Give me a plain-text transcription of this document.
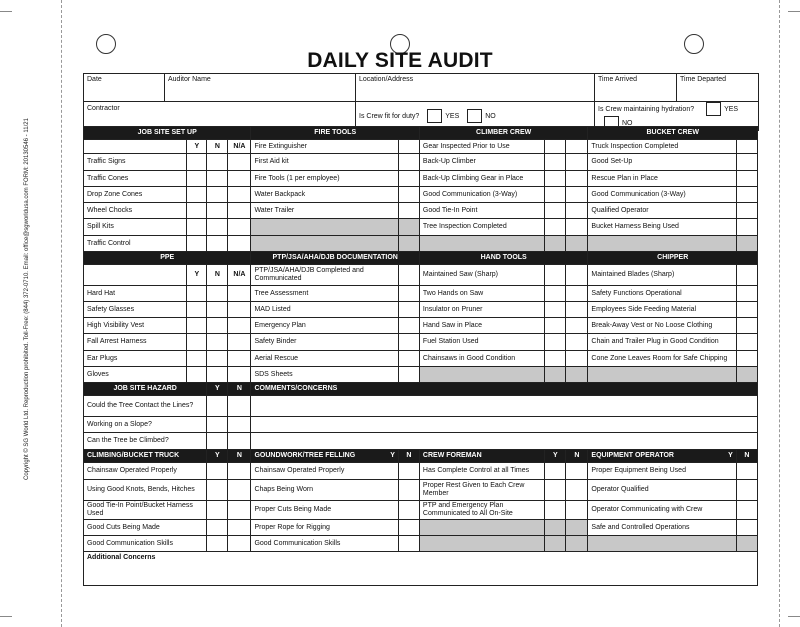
Copyright © SG World Ltd. Reproduction prohibited. Toll-Free: (844) 372-0710. Email: office@sgworldusa.com FORM: 20130546 - 11/21
DAILY SITE AUDIT
Date	Auditor Name	Location/Address	Time Arrived	Time Departed
Contractor		Is Crew fit for duty? YES NO	Is Crew maintaining hydration? YES NO	
JOB SITE SET UP				FIRE TOOLS		CLIMBER CREW			BUCKET CREW	
	Y	N	N/A	Fire Extinguisher		Gear Inspected Prior to Use			Truck Inspection Completed	
Traffic Signs				First Aid kit		Back-Up Climber			Good Set-Up	
Traffic Cones				Fire Tools (1 per employee)		Back-Up Climbing Gear in Place			Rescue Plan in Place	
Drop Zone Cones				Water Backpack		Good Communication (3-Way)			Good Communication (3-Way)	
Wheel Chocks				Water Trailer		Good Tie-In Point			Qualified Operator	
Spill Kits						Tree Inspection Completed			Bucket Harness Being Used	
Traffic Control										
PPE				PTP/JSA/AHA/DJB DOCUMENTATION		HAND TOOLS			CHIPPER	
	Y	N	N/A	PTP/JSA/AHA/DJB Completed and Communicated		Maintained Saw (Sharp)			Maintained Blades (Sharp)	
Hard Hat				Tree Assessment		Two Hands on Saw			Safety Functions Operational	
Safety Glasses				MAD Listed		Insulator on Pruner			Employees Side Feeding Material	
High Visibility Vest				Emergency Plan		Hand Saw in Place			Break-Away Vest or No Loose Clothing	
Fall Arrest Harness				Safety Binder		Fuel Station Used			Chain and Trailer Plug in Good Condition	
Ear Plugs				Aerial Rescue		Chainsaws in Good Condition			Cone Zone Leaves Room for Safe Chipping	
Gloves				SDS Sheets						
JOB SITE HAZARD		Y	N	COMMENTS/CONCERNS						
Could the Tree Contact the Lines?										
Working on a Slope?										
Can the Tree be Climbed?										
CLIMBING/BUCKET TRUCK		Y	N	GOUNDWORK/TREE FELLING Y	N	CREW FOREMAN	Y	N	EQUIPMENT OPERATOR Y	N
Chainsaw Operated Properly				Chainsaw Operated Properly		Has Complete Control at all Times			Proper Equipment Being Used	
Using Good Knots, Bends, Hitches				Chaps Being Worn		Proper Rest Given to Each Crew Member			Operator Qualified	
Good Tie-In Point/Bucket Harness Used				Proper Cuts Being Made		PTP and Emergency Plan Communicated to All On-Site			Operator Communicating with Crew	
Good Cuts Being Made				Proper Rope for Rigging					Safe and Controlled Operations	
Good Communication Skills				Good Communication Skills						
Additional Concerns										
